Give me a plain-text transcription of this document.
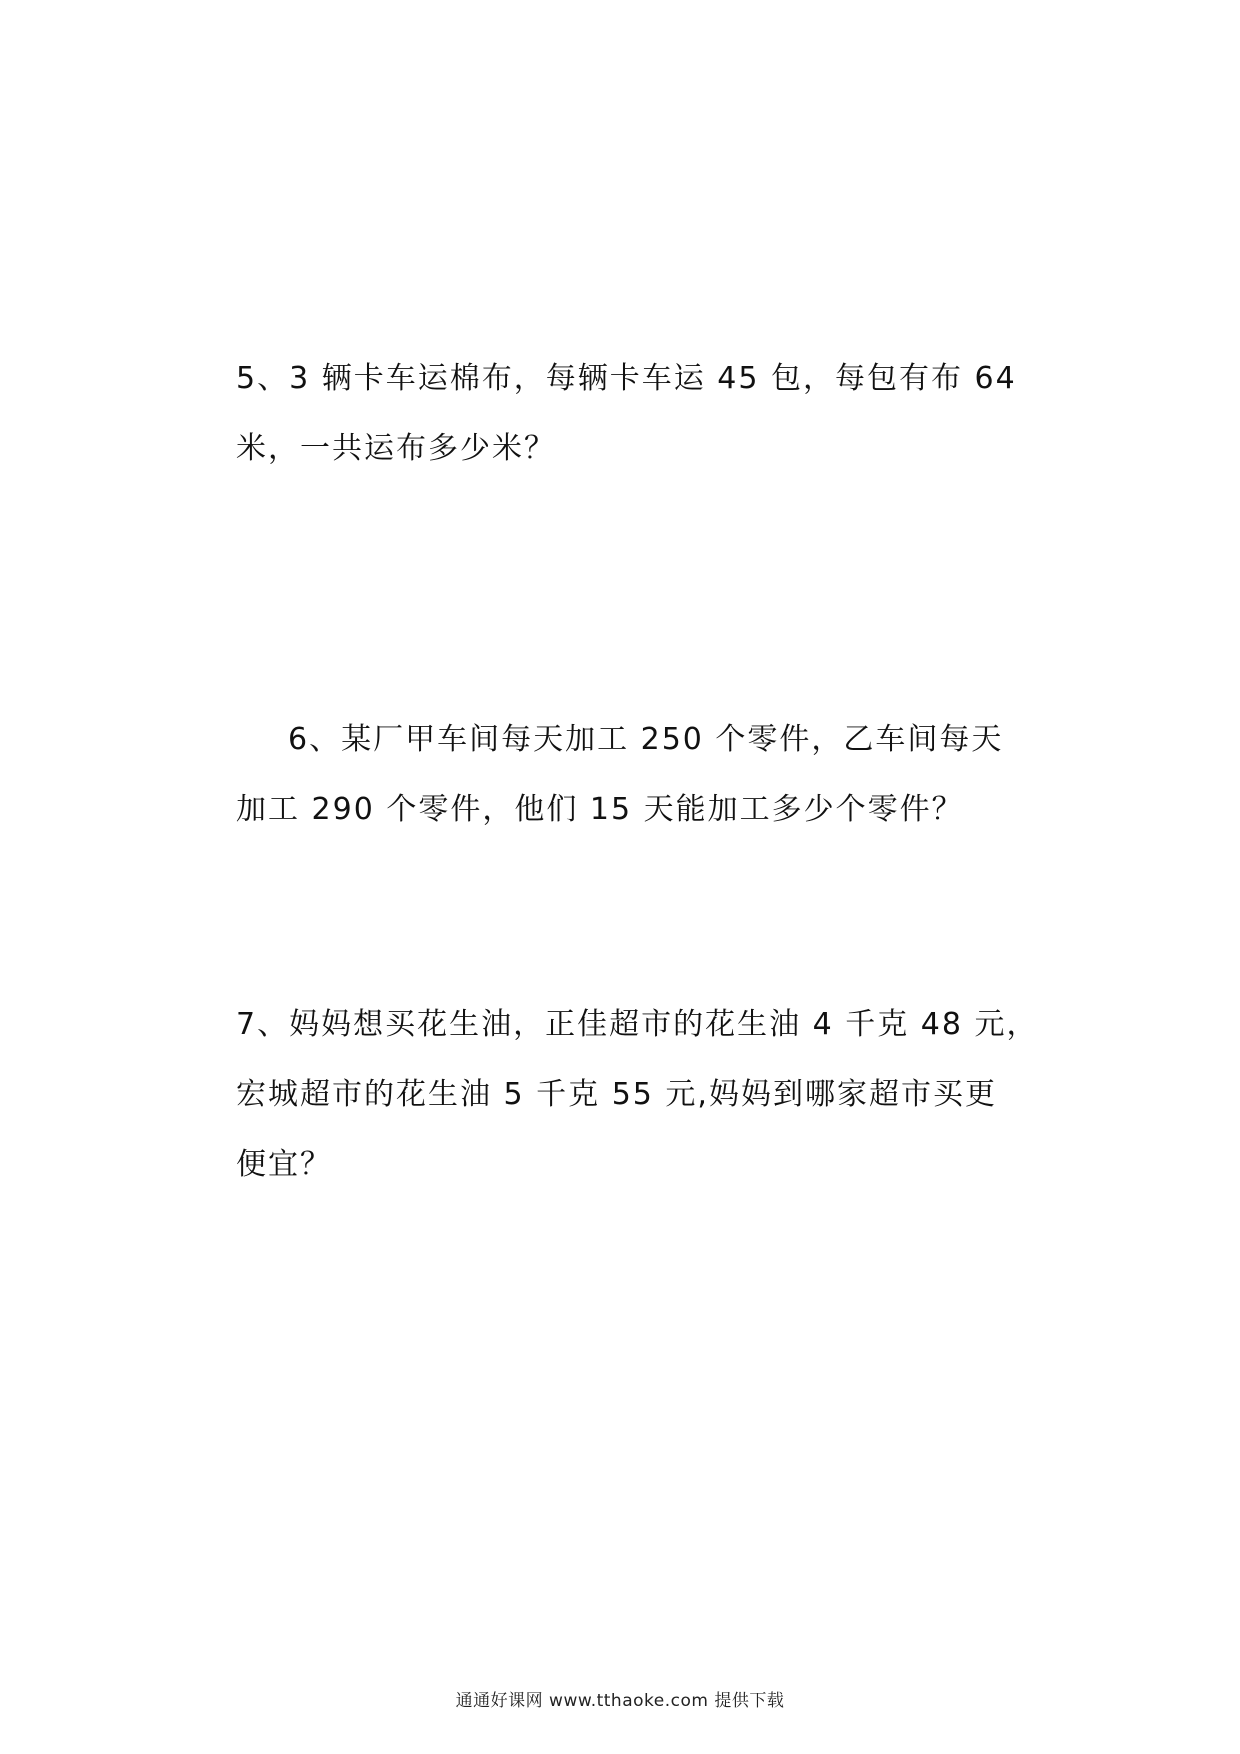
5、3 辆卡车运棉布，每辆卡车运 45 包，每包有布 64
米，一共运布多少米？
6、某厂甲车间每天加工 250 个零件，乙车间每天
加工 290 个零件，他们 15 天能加工多少个零件？
7、妈妈想买花生油，正佳超市的花生油 4 千克 48 元，
宏城超市的花生油 5 千克 55 元,妈妈到哪家超市买更
便宜？
通通好课网 www.tthaoke.com 提供下载
